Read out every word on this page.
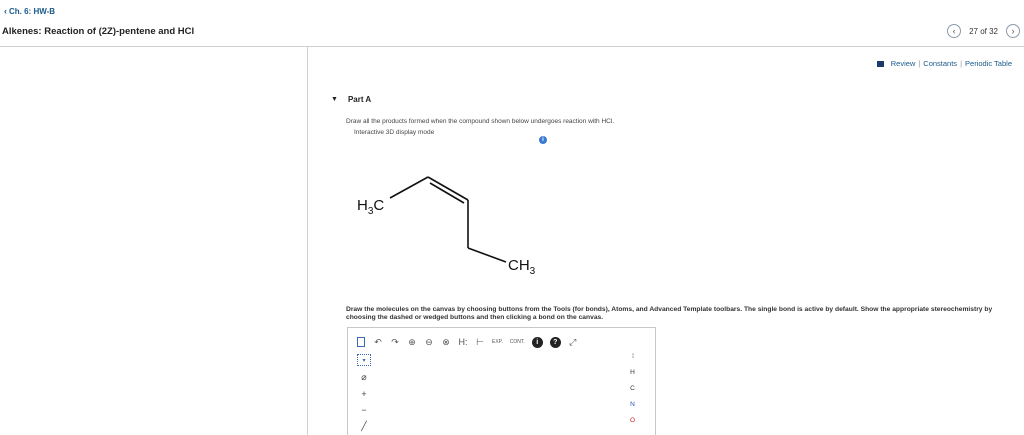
‹ Ch. 6: HW-B
Alkenes: Reaction of (2Z)-pentene and HCl	‹ 27 of 32 ›
Review | Constants | Periodic Table
▼ Part A
Draw all the products formed when the compound shown below undergoes reaction with HCl.
Interactive 3D display mode
i
$H_3C$
$CH_3$
Draw the molecules on the canvas by choosing buttons from the Tools (for bonds), Atoms, and Advanced Template toolbars. The single bond is active by default. Show the appropriate stereochemistry by choosing the dashed or wedged buttons and then clicking a bond on the canvas.
↶ ↷ ⊕ ⊖ ⊗ H: ⊢ EXP. CONT.	i	?	⤢
▾
⌀
+
−
╱
⁞⁞
H
C
N
O
